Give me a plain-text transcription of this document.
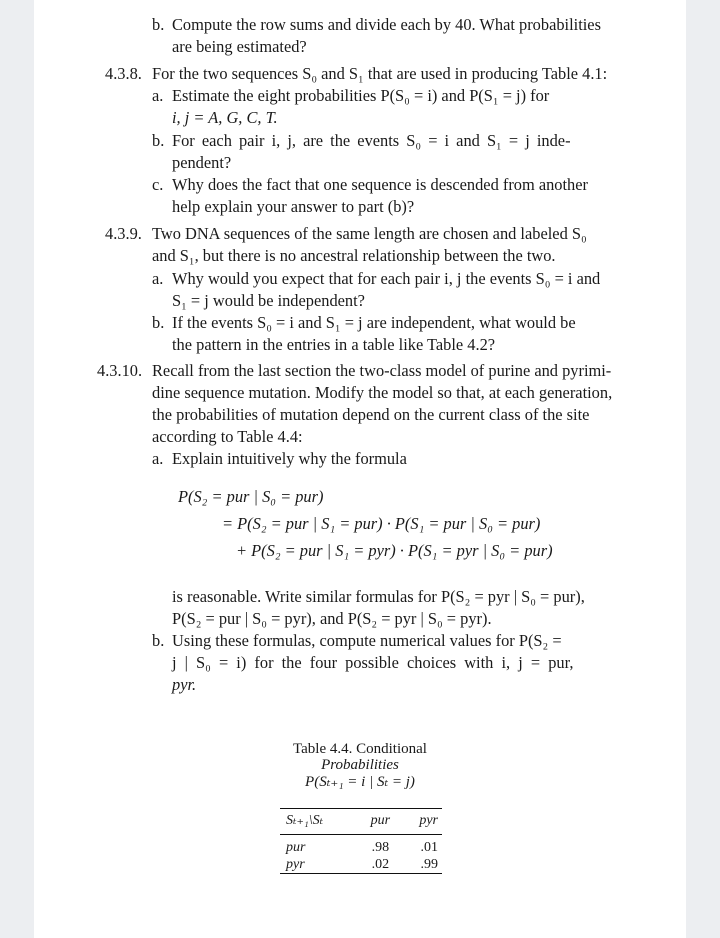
b. Compute the row sums and divide each by 40. What probabilities
are being estimated?
4.3.8. For the two sequences S₀ and S₁ that are used in producing Table 4.1:
a. Estimate the eight probabilities P(S₀ = i) and P(S₁ = j) for
i, j = A, G, C, T.
b. For each pair i, j, are the events S₀ = i and S₁ = j inde-
pendent?
c. Why does the fact that one sequence is descended from another
help explain your answer to part (b)?
4.3.9. Two DNA sequences of the same length are chosen and labeled S₀
and S₁, but there is no ancestral relationship between the two.
a. Why would you expect that for each pair i, j the events S₀ = i and
S₁ = j would be independent?
b. If the events S₀ = i and S₁ = j are independent, what would be
the pattern in the entries in a table like Table 4.2?
4.3.10. Recall from the last section the two-class model of purine and pyrimi-
dine sequence mutation. Modify the model so that, at each generation,
the probabilities of mutation depend on the current class of the site
according to Table 4.4:
a. Explain intuitively why the formula
P(S₂ = pur | S₀ = pur)
= P(S₂ = pur | S₁ = pur) · P(S₁ = pur | S₀ = pur)
+ P(S₂ = pur | S₁ = pyr) · P(S₁ = pyr | S₀ = pur)
is reasonable. Write similar formulas for P(S₂ = pyr | S₀ = pur),
P(S₂ = pur | S₀ = pyr), and P(S₂ = pyr | S₀ = pyr).
b. Using these formulas, compute numerical values for P(S₂ =
j | S₀ = i) for the four possible choices with i, j = pur,
pyr.
Table 4.4. Conditional
Probabilities
P(Sₜ₊₁ = i | Sₜ = j)
Sₜ₊₁\Sₜ	pur	pyr
pur	.98	.01
pyr	.02	.99
